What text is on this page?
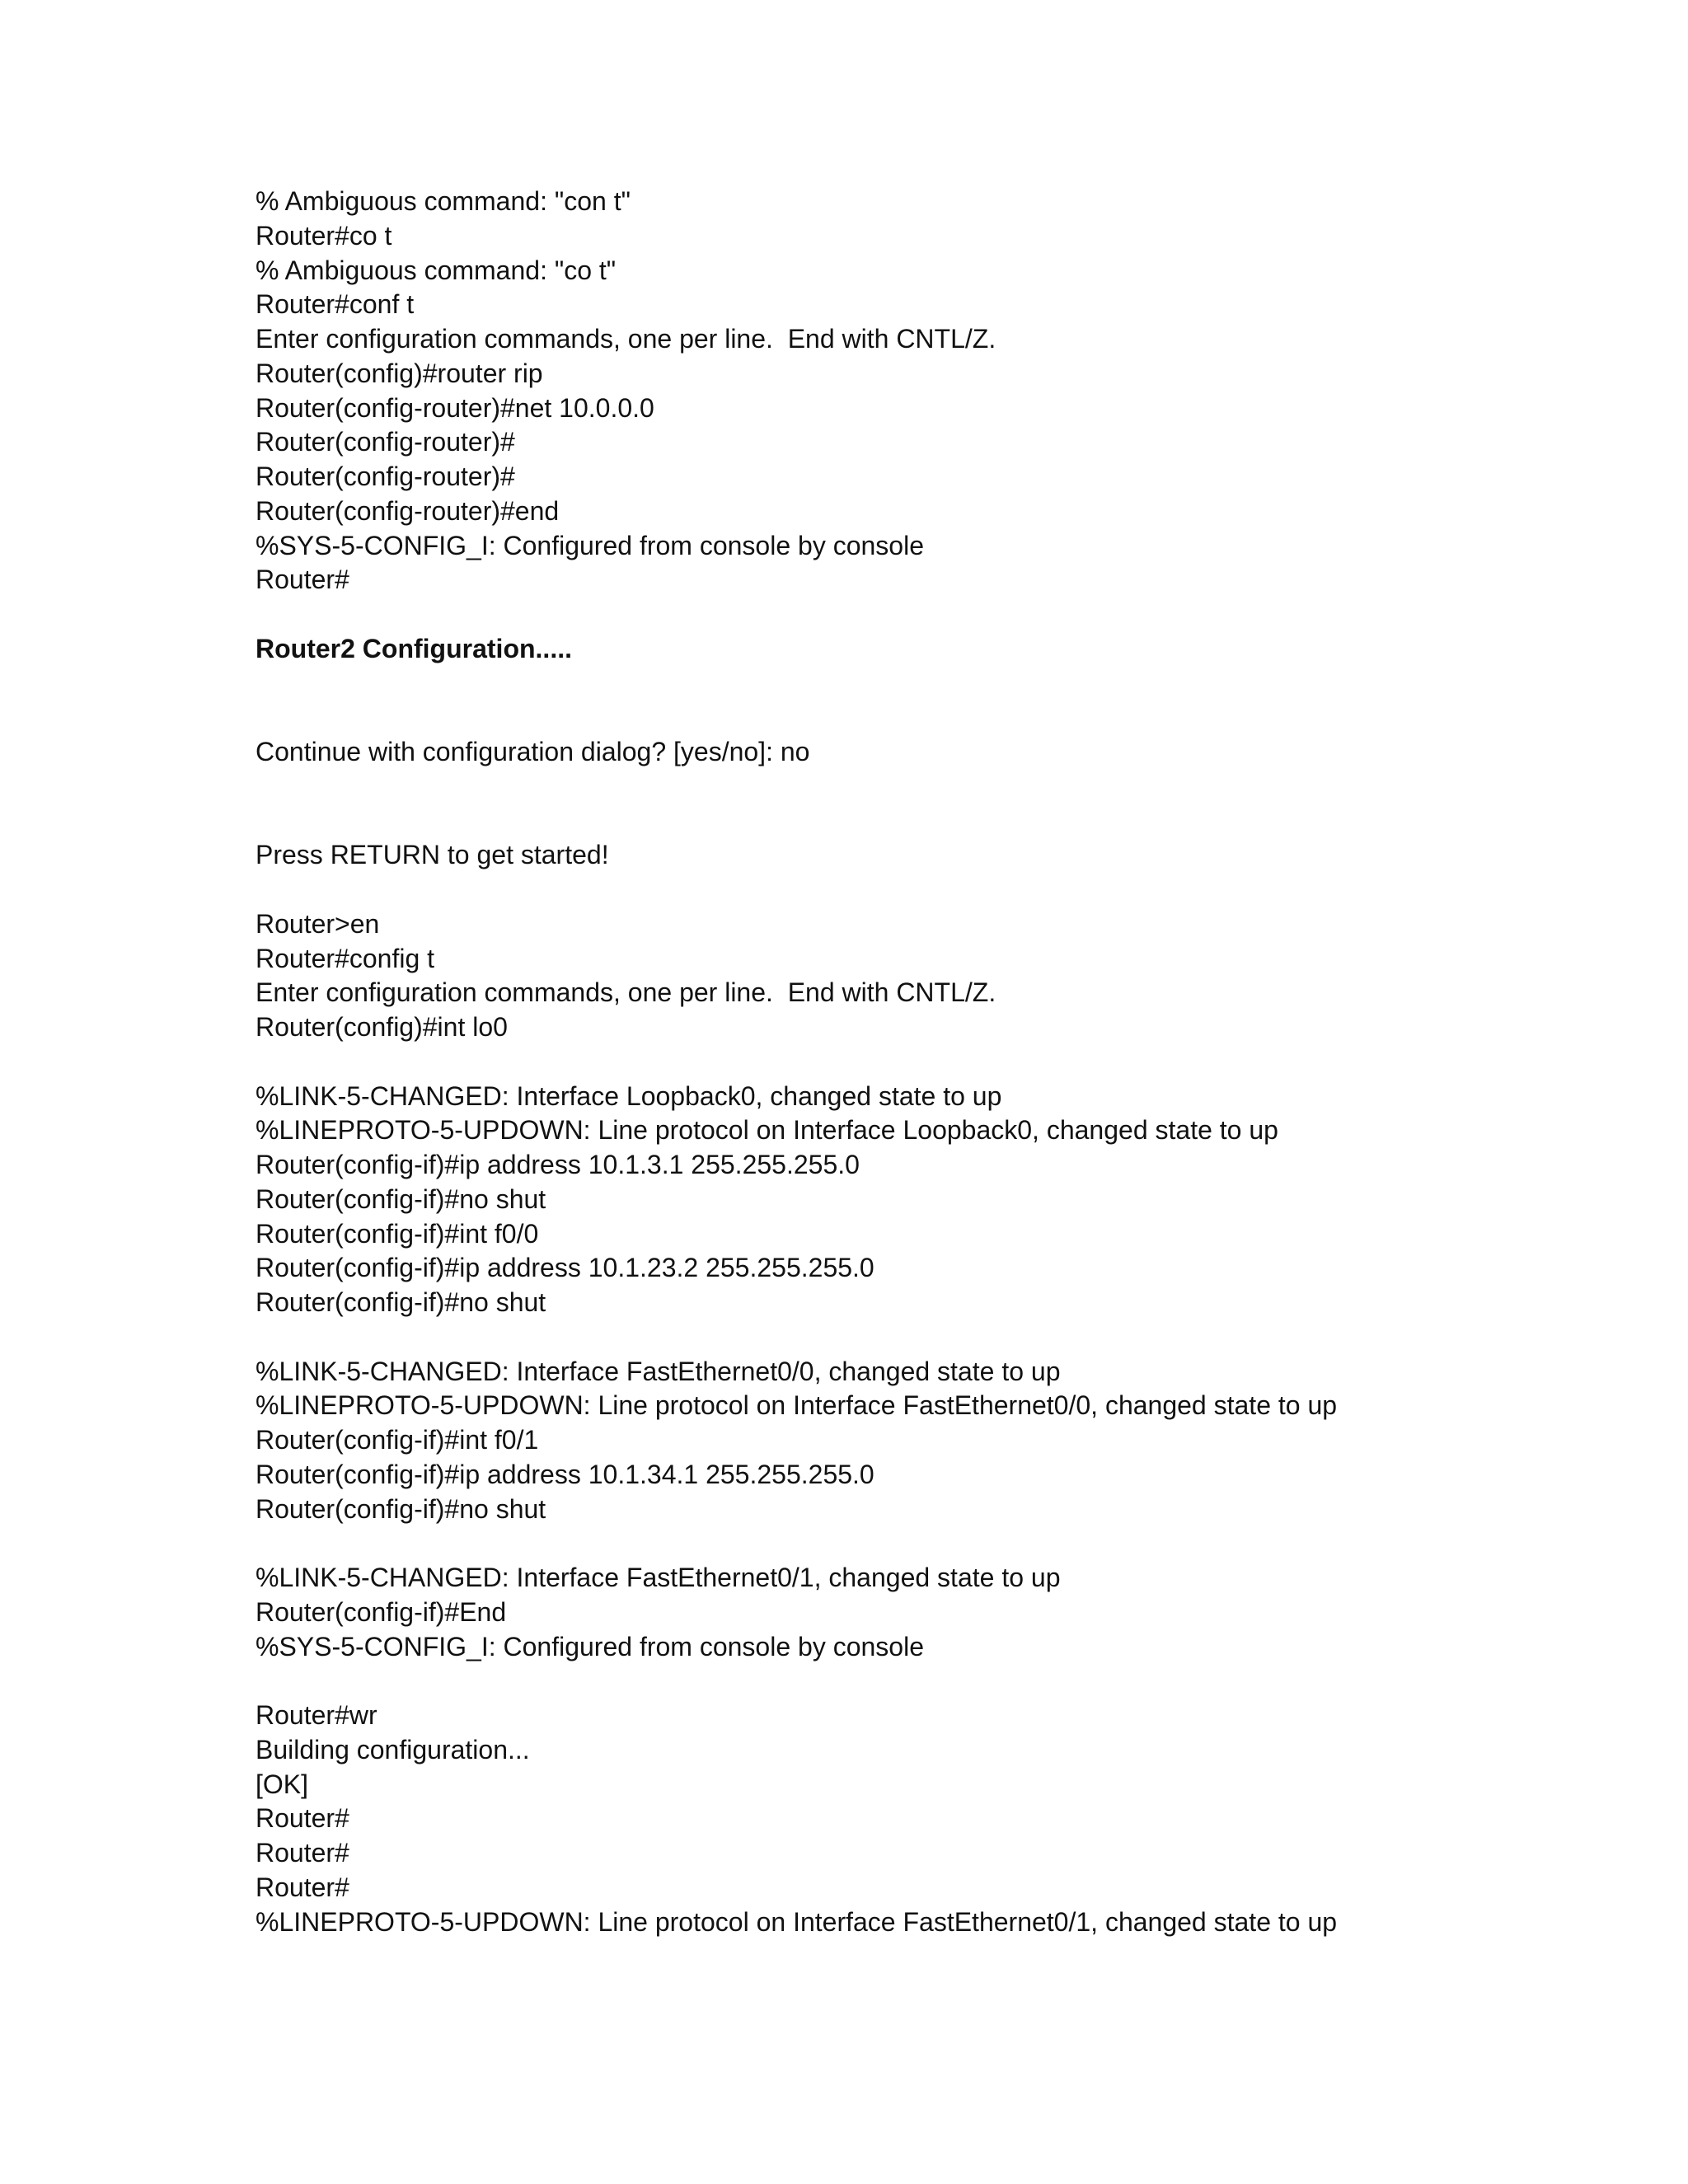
% Ambiguous command: "con t"

Router#co t

% Ambiguous command: "co t"

Router#conf t

Enter configuration commands, one per line.  End with CNTL/Z.

Router(config)#router rip

Router(config-router)#net 10.0.0.0

Router(config-router)#

Router(config-router)#

Router(config-router)#end

%SYS-5-CONFIG_I: Configured from console by console

Router#

Router2 Configuration.....

Continue with configuration dialog? [yes/no]: no

Press RETURN to get started!

Router>en

Router#config t

Enter configuration commands, one per line.  End with CNTL/Z.

Router(config)#int lo0

%LINK-5-CHANGED: Interface Loopback0, changed state to up

%LINEPROTO-5-UPDOWN: Line protocol on Interface Loopback0, changed state to up

Router(config-if)#ip address 10.1.3.1 255.255.255.0

Router(config-if)#no shut

Router(config-if)#int f0/0

Router(config-if)#ip address 10.1.23.2 255.255.255.0

Router(config-if)#no shut

%LINK-5-CHANGED: Interface FastEthernet0/0, changed state to up

%LINEPROTO-5-UPDOWN: Line protocol on Interface FastEthernet0/0, changed state to up

Router(config-if)#int f0/1

Router(config-if)#ip address 10.1.34.1 255.255.255.0

Router(config-if)#no shut

%LINK-5-CHANGED: Interface FastEthernet0/1, changed state to up

Router(config-if)#End

%SYS-5-CONFIG_I: Configured from console by console

Router#wr

Building configuration...

[OK]

Router#

Router#

Router#

%LINEPROTO-5-UPDOWN: Line protocol on Interface FastEthernet0/1, changed state to up
